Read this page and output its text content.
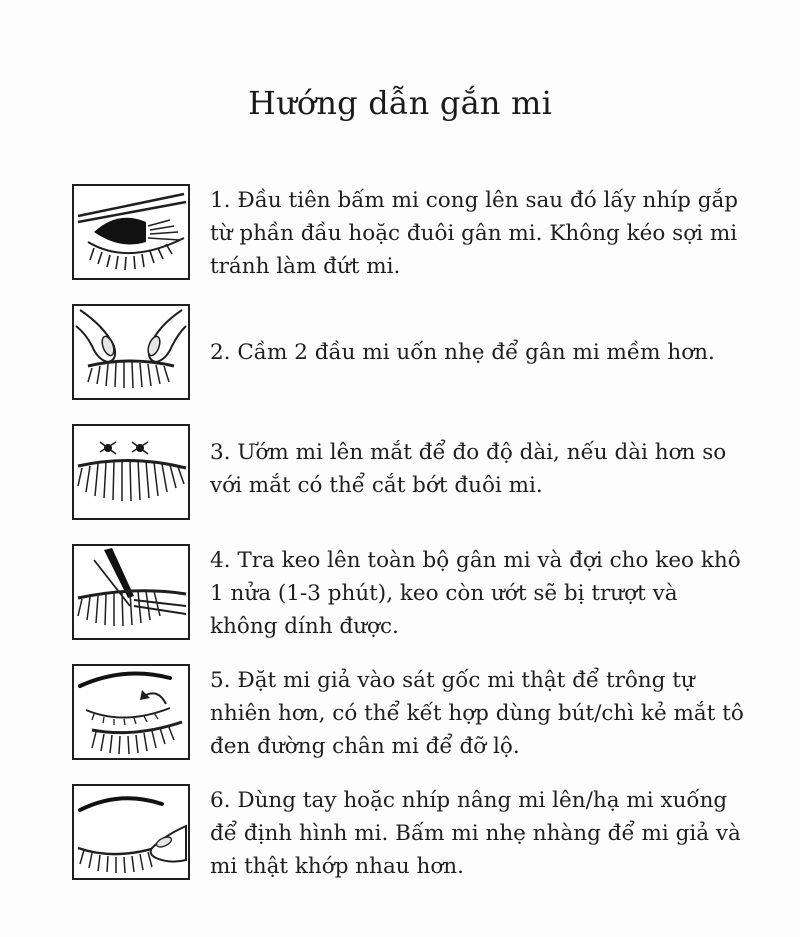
Hướng dẫn gắn mi

1. Đầu tiên bấm mi cong lên sau đó lấy nhíp gắp từ phần đầu hoặc đuôi gân mi. Không kéo sợi mi tránh làm đứt mi.

2. Cầm 2 đầu mi uốn nhẹ để gân mi mềm hơn.

3. Ướm mi lên mắt để đo độ dài, nếu dài hơn so với mắt có thể cắt bớt đuôi mi.

4. Tra keo lên toàn bộ gân mi và đợi cho keo khô 1 nửa (1-3 phút), keo còn ướt sẽ bị trượt và không dính được.

5. Đặt mi giả vào sát gốc mi thật để trông tự nhiên hơn, có thể kết hợp dùng bút/chì kẻ mắt tô đen đường chân mi để đỡ lộ.

6. Dùng tay hoặc nhíp nâng mi lên/hạ mi xuống để định hình mi. Bấm mi nhẹ nhàng để mi giả và mi thật khớp nhau hơn.
